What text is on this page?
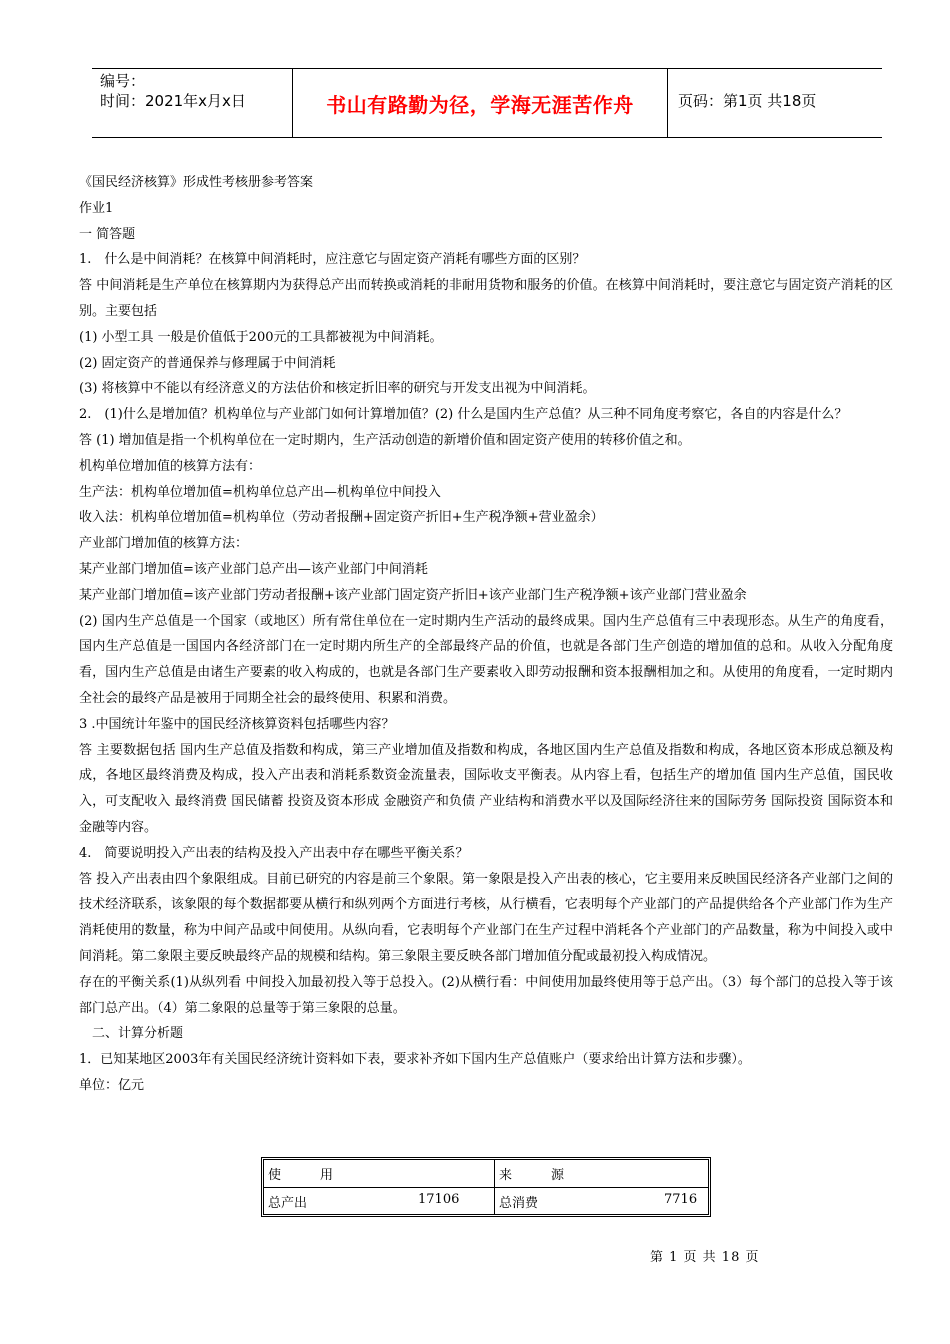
编号：
时间：2021年x月x日	书山有路勤为径，学海无涯苦作舟	页码：第1页 共18页

《国民经济核算》形成性考核册参考答案

作业1

一 简答题

1.　什么是中间消耗？在核算中间消耗时，应注意它与固定资产消耗有哪些方面的区别？

答 中间消耗是生产单位在核算期内为获得总产出而转换或消耗的非耐用货物和服务的价值。在核算中间消耗时，要注意它与固定资产消耗的区别。主要包括

(1) 小型工具 一般是价值低于200元的工具都被视为中间消耗。

(2) 固定资产的普通保养与修理属于中间消耗

(3) 将核算中不能以有经济意义的方法估价和核定折旧率的研究与开发支出视为中间消耗。

2.　(1)什么是增加值？机构单位与产业部门如何计算增加值？(2) 什么是国内生产总值？从三种不同角度考察它，各自的内容是什么？

答 (1) 增加值是指一个机构单位在一定时期内，生产活动创造的新增价值和固定资产使用的转移价值之和。

机构单位增加值的核算方法有：

生产法：机构单位增加值=机构单位总产出—机构单位中间投入

收入法：机构单位增加值=机构单位（劳动者报酬+固定资产折旧+生产税净额+营业盈余）

产业部门增加值的核算方法：

某产业部门增加值=该产业部门总产出—该产业部门中间消耗

某产业部门增加值=该产业部门劳动者报酬+该产业部门固定资产折旧+该产业部门生产税净额+该产业部门营业盈余

(2) 国内生产总值是一个国家（或地区）所有常住单位在一定时期内生产活动的最终成果。国内生产总值有三中表现形态。从生产的角度看，国内生产总值是一国国内各经济部门在一定时期内所生产的全部最终产品的价值，也就是各部门生产创造的增加值的总和。从收入分配角度看，国内生产总值是由诸生产要素的收入构成的，也就是各部门生产要素收入即劳动报酬和资本报酬相加之和。从使用的角度看，一定时期内全社会的最终产品是被用于同期全社会的最终使用、积累和消费。

3 .中国统计年鉴中的国民经济核算资料包括哪些内容？

答 主要数据包括 国内生产总值及指数和构成，第三产业增加值及指数和构成，各地区国内生产总值及指数和构成，各地区资本形成总额及构成，各地区最终消费及构成，投入产出表和消耗系数资金流量表，国际收支平衡表。从内容上看，包括生产的增加值 国内生产总值，国民收入，可支配收入 最终消费 国民储蓄 投资及资本形成 金融资产和负债 产业结构和消费水平以及国际经济往来的国际劳务 国际投资 国际资本和金融等内容。

4.　简要说明投入产出表的结构及投入产出表中存在哪些平衡关系？

答 投入产出表由四个象限组成。目前已研究的内容是前三个象限。第一象限是投入产出表的核心，它主要用来反映国民经济各产业部门之间的技术经济联系，该象限的每个数据都要从横行和纵列两个方面进行考核，从行横看，它表明每个产业部门的产品提供给各个产业部门作为生产消耗使用的数量，称为中间产品或中间使用。从纵向看，它表明每个产业部门在生产过程中消耗各个产业部门的产品数量，称为中间投入或中间消耗。第二象限主要反映最终产品的规模和结构。第三象限主要反映各部门增加值分配或最初投入构成情况。

存在的平衡关系(1)从纵列看 中间投入加最初投入等于总投入。(2)从横行看：中间使用加最终使用等于总产出。（3）每个部门的总投入等于该部门总产出。（4）第二象限的总量等于第三象限的总量。

　二、计算分析题

1．已知某地区2003年有关国民经济统计资料如下表，要求补齐如下国内生产总值账户（要求给出计算方法和步骤）。

单位：亿元

使　　　用	来　　　源
总产出	17106	总消费	7716
第 1 页 共 18 页
